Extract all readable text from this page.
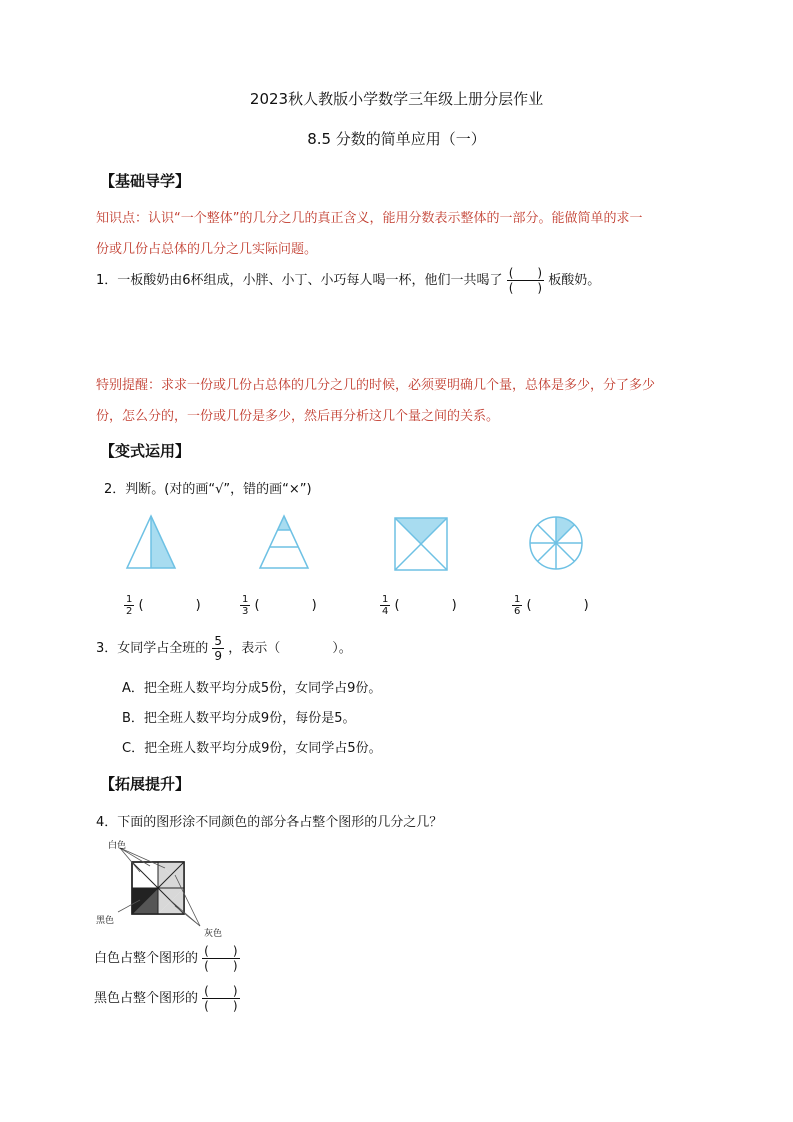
2023秋人教版小学数学三年级上册分层作业
8.5 分数的简单应用（一）
【基础导学】
知识点：认识“一个整体”的几分之几的真正含义，能用分数表示整体的一部分。能做简单的求一
份或几份占总体的几分之几实际问题。
1．一板酸奶由6杯组成，小胖、小丁、小巧每人喝一杯，他们一共喝了 $\frac{( )}{( )}$ 板酸奶。
特别提醒：求求一份或几份占总体的几分之几的时候，必须要明确几个量，总体是多少，分了多少
份，怎么分的，一份或几份是多少，然后再分析这几个量之间的关系。
【变式运用】
2．判断。(对的画“√”，错的画“×”)
$\frac{1}{2}$ (　　　　)	$\frac{1}{3}$ (　　　　)	$\frac{1}{4}$ (　　　　)	$\frac{1}{6}$ (　　　　)
3．女同学占全班的 $\frac{5}{9}$ ，表示（　　　　）。
A．把全班人数平均分成5份，女同学占9份。
B．把全班人数平均分成9份，每份是5。
C．把全班人数平均分成9份，女同学占5份。
【拓展提升】
4．下面的图形涂不同颜色的部分各占整个图形的几分之几？
白色
黑色
灰色
白色占整个图形的 $\frac{( )}{( )}$
黑色占整个图形的 $\frac{( )}{( )}$
